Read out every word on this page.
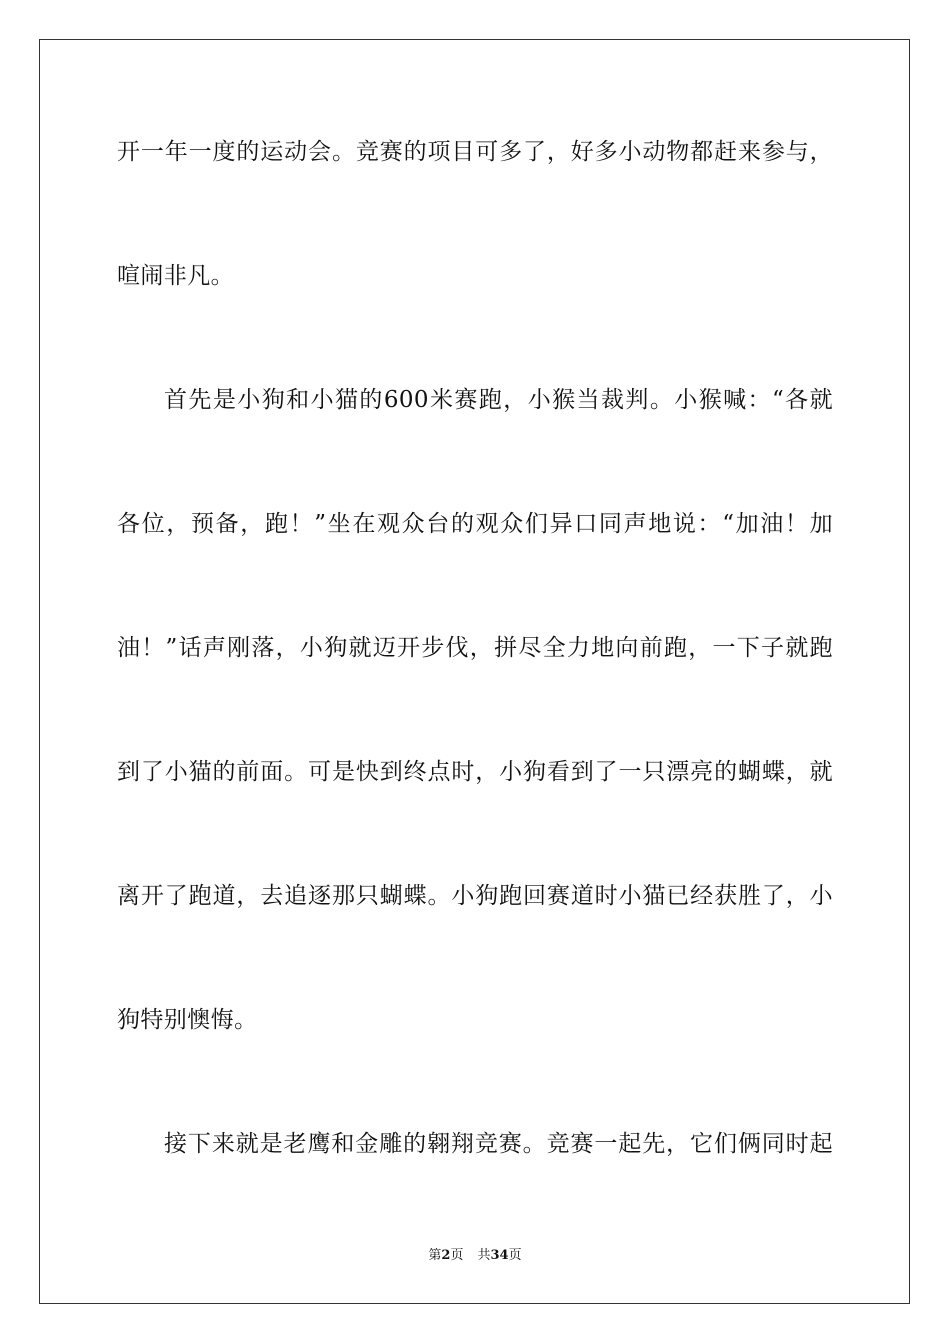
开一年一度的运动会。竞赛的项目可多了，好多小动物都赶来参与，
喧闹非凡。
首先是小狗和小猫的600米赛跑，小猴当裁判。小猴喊：“各就
各位，预备，跑！”坐在观众台的观众们异口同声地说：“加油！加
油！”话声刚落，小狗就迈开步伐，拼尽全力地向前跑，一下子就跑
到了小猫的前面。可是快到终点时，小狗看到了一只漂亮的蝴蝶，就
离开了跑道，去追逐那只蝴蝶。小狗跑回赛道时小猫已经获胜了，小
狗特别懊悔。
接下来就是老鹰和金雕的翱翔竞赛。竞赛一起先，它们俩同时起
第2页 共34页
